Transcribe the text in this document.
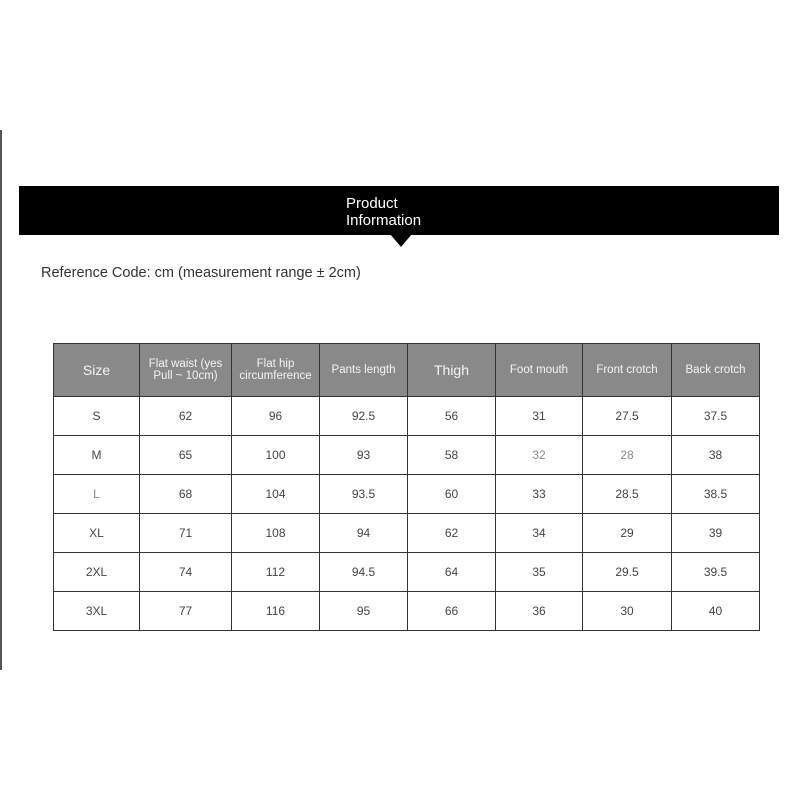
Product
Information
Reference Code: cm (measurement range ± 2cm)
Size	Flat waist (yes Pull ~ 10cm)	Flat hip circumference	Pants length	Thigh	Foot mouth	Front crotch	Back crotch
S	62	96	92.5	56	31	27.5	37.5
M	65	100	93	58	32	28	38
L	68	104	93.5	60	33	28.5	38.5
XL	71	108	94	62	34	29	39
2XL	74	112	94.5	64	35	29.5	39.5
3XL	77	116	95	66	36	30	40
